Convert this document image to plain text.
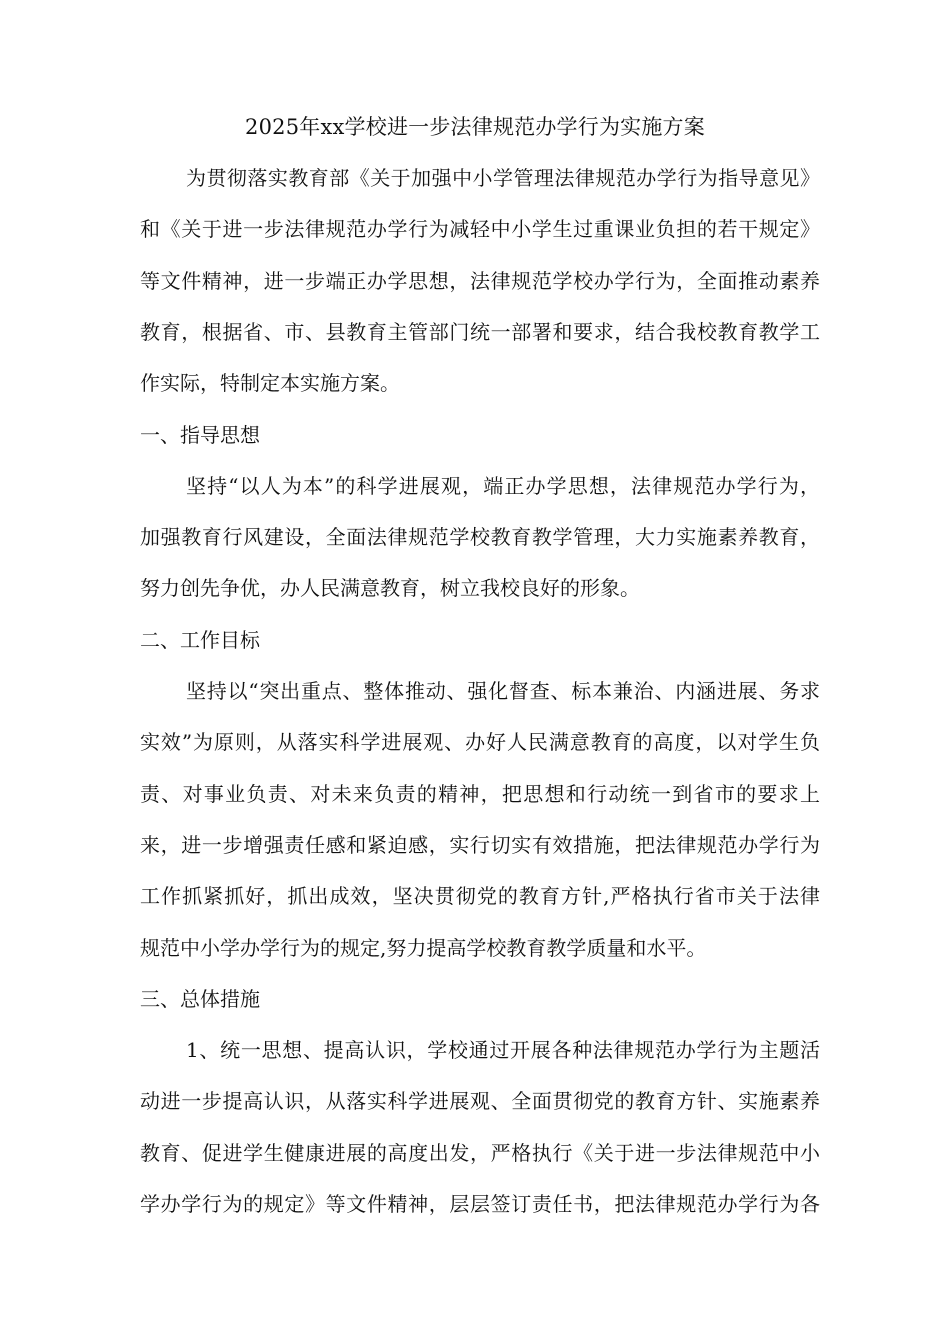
2025年xx学校进一步法律规范办学行为实施方案
为贯彻落实教育部《关于加强中小学管理法律规范办学行为指导意见》
和《关于进一步法律规范办学行为减轻中小学生过重课业负担的若干规定》
等文件精神，进一步端正办学思想，法律规范学校办学行为，全面推动素养
教育，根据省、市、县教育主管部门统一部署和要求，结合我校教育教学工
作实际，特制定本实施方案。
一、指导思想
坚持“以人为本”的科学进展观，端正办学思想，法律规范办学行为，
加强教育行风建设，全面法律规范学校教育教学管理，大力实施素养教育，
努力创先争优，办人民满意教育，树立我校良好的形象。
二、工作目标
坚持以“突出重点、整体推动、强化督查、标本兼治、内涵进展、务求
实效”为原则，从落实科学进展观、办好人民满意教育的高度，以对学生负
责、对事业负责、对未来负责的精神，把思想和行动统一到省市的要求上
来，进一步增强责任感和紧迫感，实行切实有效措施，把法律规范办学行为
工作抓紧抓好，抓出成效，坚决贯彻党的教育方针,严格执行省市关于法律
规范中小学办学行为的规定,努力提高学校教育教学质量和水平。
三、总体措施
1、统一思想、提高认识，学校通过开展各种法律规范办学行为主题活
动进一步提高认识，从落实科学进展观、全面贯彻党的教育方针、实施素养
教育、促进学生健康进展的高度出发，严格执行《关于进一步法律规范中小
学办学行为的规定》等文件精神，层层签订责任书，把法律规范办学行为各
